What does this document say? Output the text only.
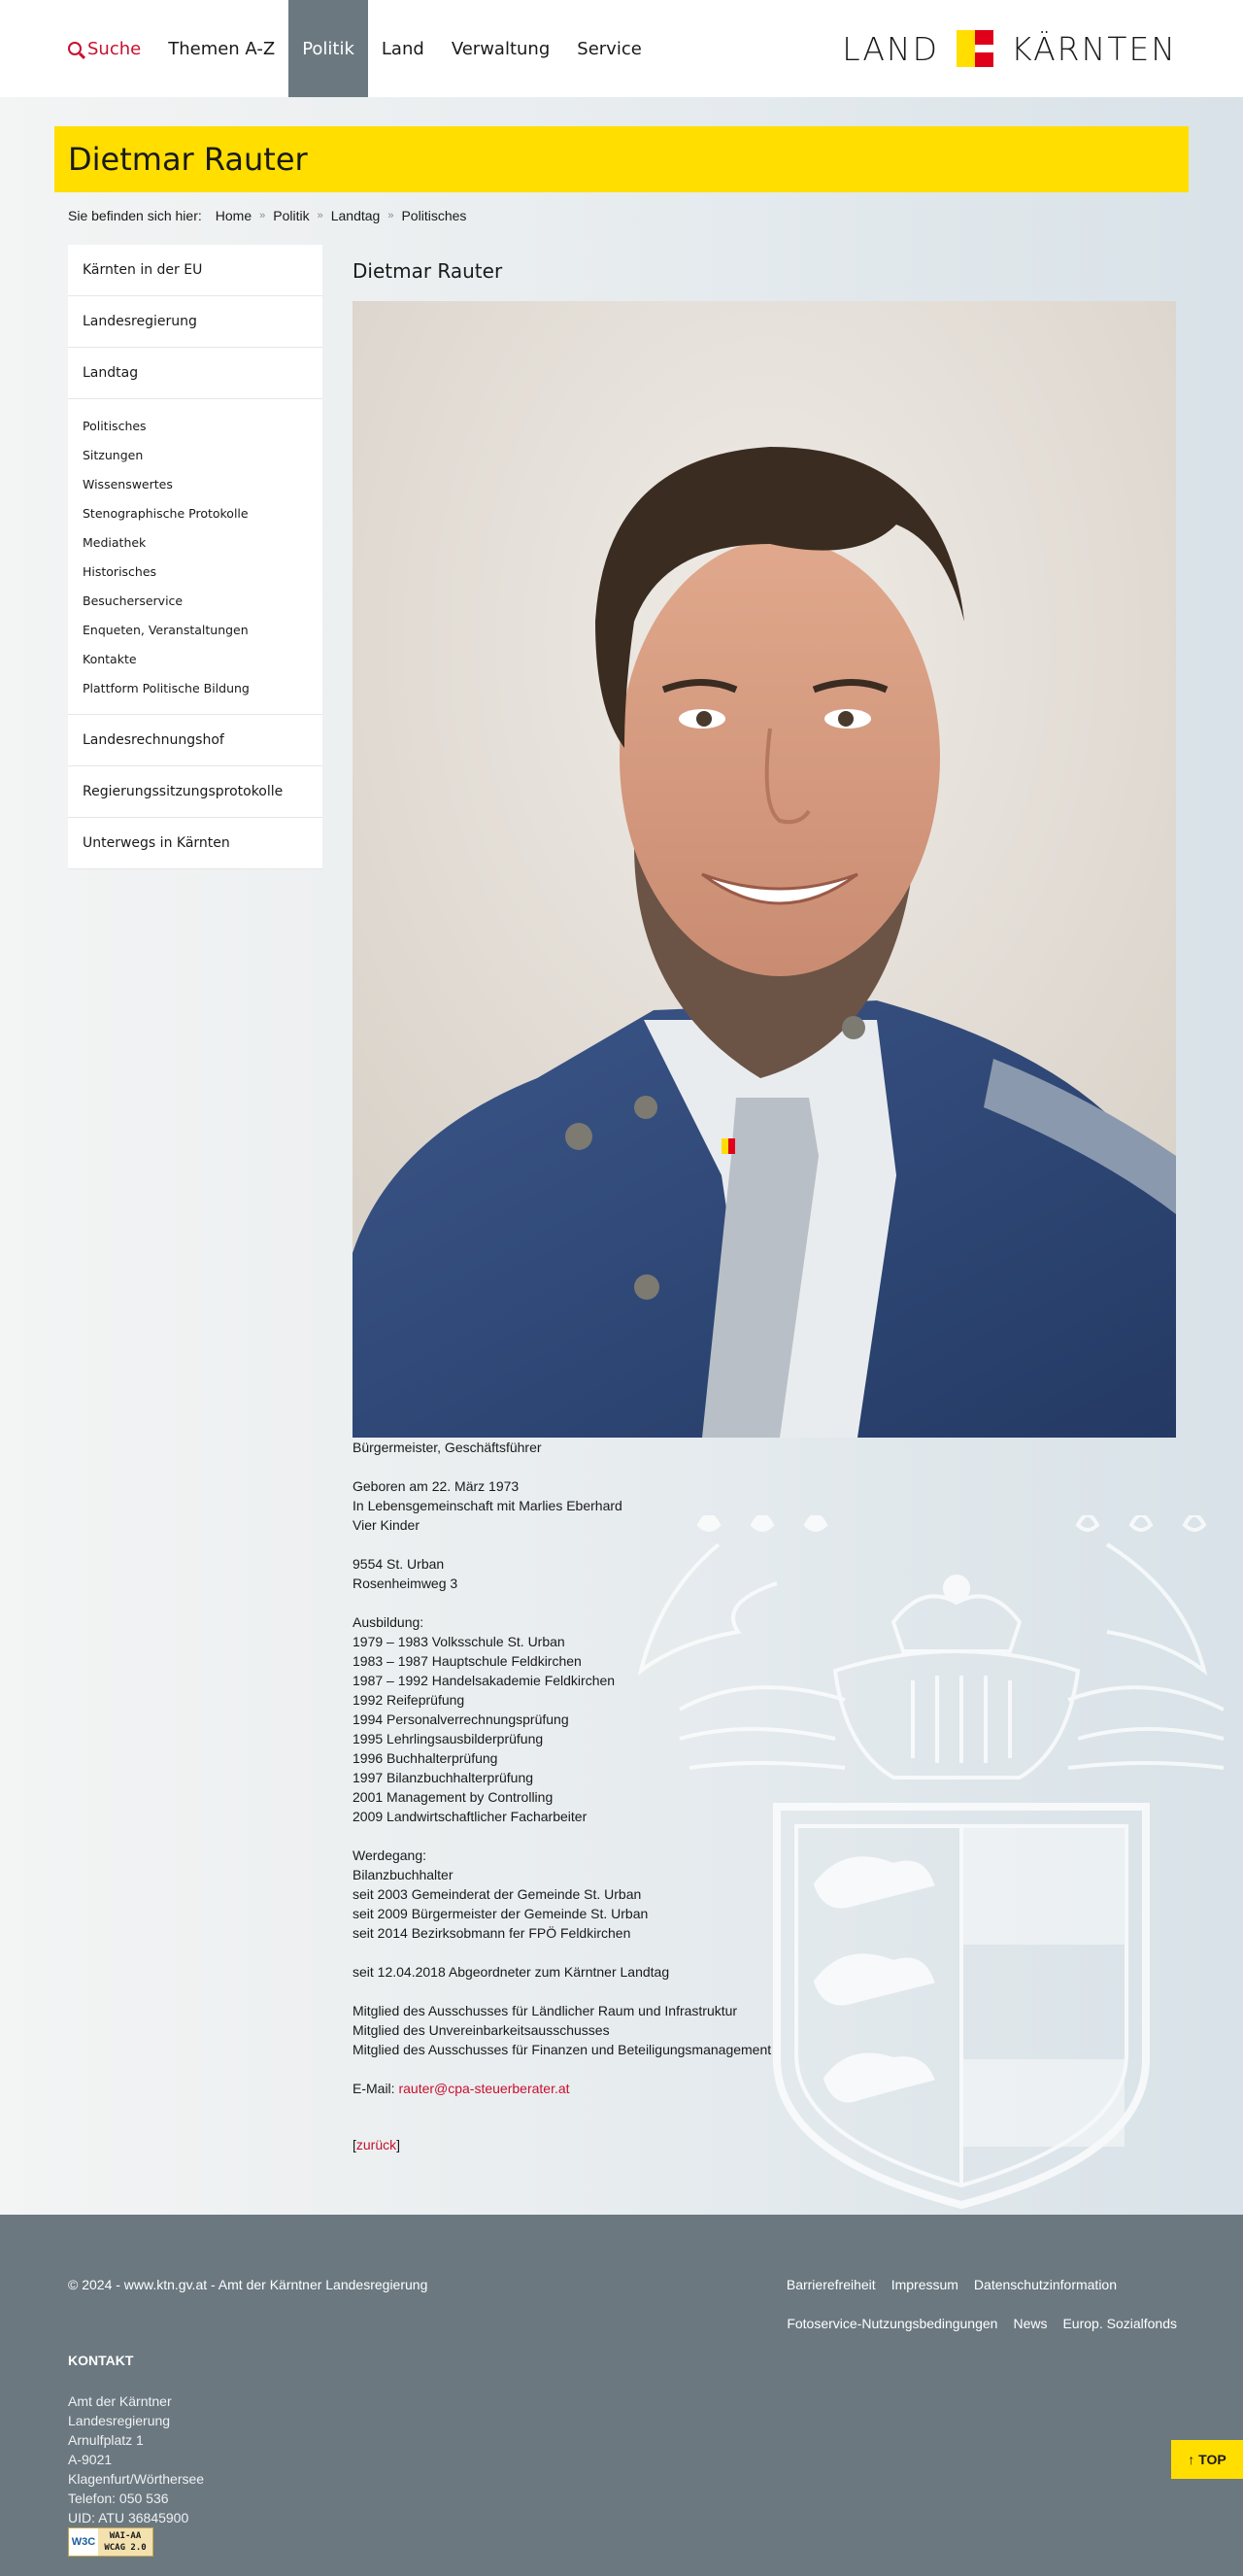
Suche	Themen A-Z	Politik	Land	Verwaltung	Service	LAND KÄRNTEN
Dietmar Rauter
Sie befinden sich hier: Home » Politik » Landtag » Politisches
Kärnten in der EU
Landesregierung
Landtag
Politisches
Sitzungen
Wissenswertes
Stenographische Protokolle
Mediathek
Historisches
Besucherservice
Enqueten, Veranstaltungen
Kontakte
Plattform Politische Bildung
Landesrechnungshof
Regierungssitzungsprotokolle
Unterwegs in Kärnten
Dietmar Rauter

Bürgermeister, Geschäftsführer

Geboren am 22. März 1973
In Lebensgemeinschaft mit Marlies Eberhard
Vier Kinder

9554 St. Urban
Rosenheimweg 3

Ausbildung:
1979 – 1983 Volksschule St. Urban
1983 – 1987 Hauptschule Feldkirchen
1987 – 1992 Handelsakademie Feldkirchen
1992 Reifeprüfung
1994 Personalverrechnungsprüfung
1995 Lehrlingsausbilderprüfung
1996 Buchhalterprüfung
1997 Bilanzbuchhalterprüfung
2001 Management by Controlling
2009 Landwirtschaftlicher Facharbeiter

Werdegang:
Bilanzbuchhalter
seit 2003 Gemeinderat der Gemeinde St. Urban
seit 2009 Bürgermeister der Gemeinde St. Urban
seit 2014 Bezirksobmann fer FPÖ Feldkirchen

seit 12.04.2018 Abgeordneter zum Kärntner Landtag

Mitglied des Ausschusses für Ländlicher Raum und Infrastruktur
Mitglied des Unvereinbarkeitsausschusses
Mitglied des Ausschusses für Finanzen und Beteiligungsmanagement

E-Mail: rauter@cpa-steuerberater.at

[zurück]

© 2024 - www.ktn.gv.at - Amt der Kärntner Landesregierung	Barrierefreiheit Impressum Datenschutzinformation
Fotoservice-Nutzungsbedingungen News Europ. Sozialfonds
KONTAKT
Amt der Kärntner
Landesregierung
Arnulfplatz 1
A-9021
Klagenfurt/Wörthersee
Telefon: 050 536
UID: ATU 36845900
W3C	WAI-AA
WCAG 2.0
↑ TOP
